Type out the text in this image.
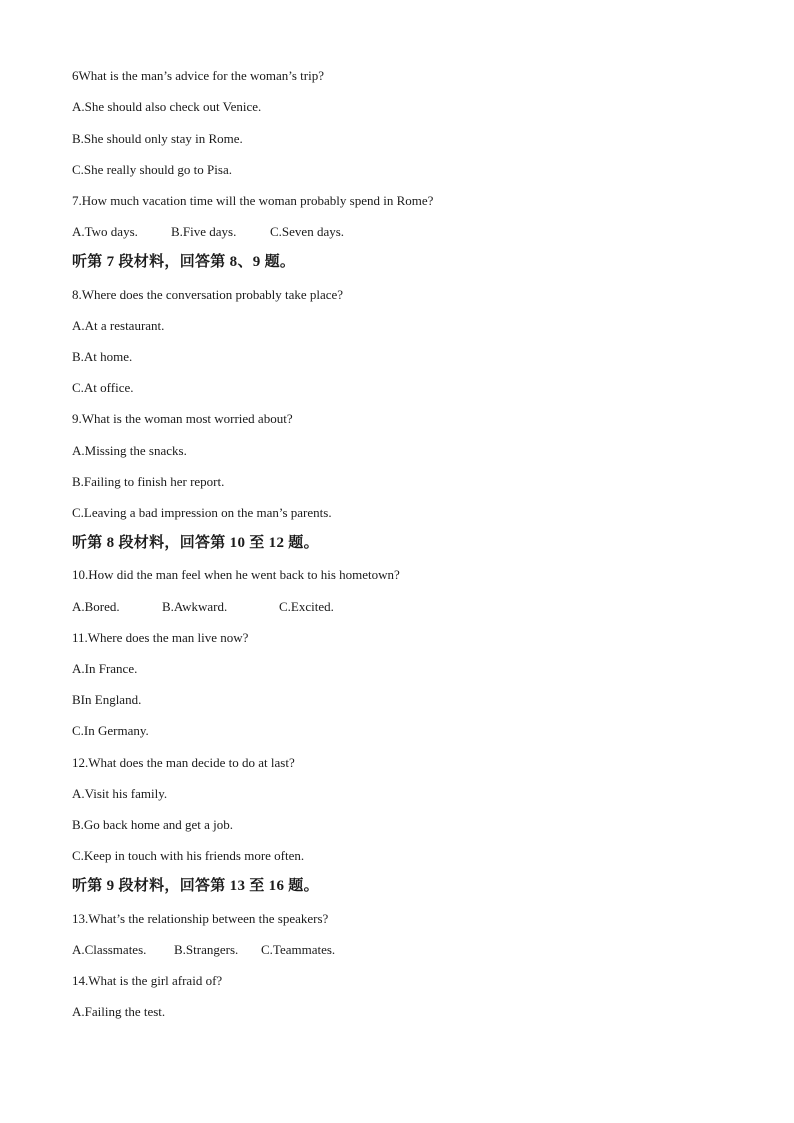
6What is the man’s advice for the woman’s trip?
A.She should also check out Venice.
B.She should only stay in Rome.
C.She really should go to Pisa.
7.How much vacation time will the woman probably spend in Rome?
A.Two days.	B.Five days.	C.Seven days.
听第 7 段材料，回答第 8、9 题。
8.Where does the conversation probably take place?
A.At a restaurant.
B.At home.
C.At office.
9.What is the woman most worried about?
A.Missing the snacks.
B.Failing to finish her report.
C.Leaving a bad impression on the man’s parents.
听第 8 段材料，回答第 10 至 12 题。
10.How did the man feel when he went back to his hometown?
A.Bored.	B.Awkward.	C.Excited.
11.Where does the man live now?
A.In France.
BIn England.
C.In Germany.
12.What does the man decide to do at last?
A.Visit his family.
B.Go back home and get a job.
C.Keep in touch with his friends more often.
听第 9 段材料，回答第 13 至 16 题。
13.What’s the relationship between the speakers?
A.Classmates.	B.Strangers.	C.Teammates.
14.What is the girl afraid of?
A.Failing the test.
